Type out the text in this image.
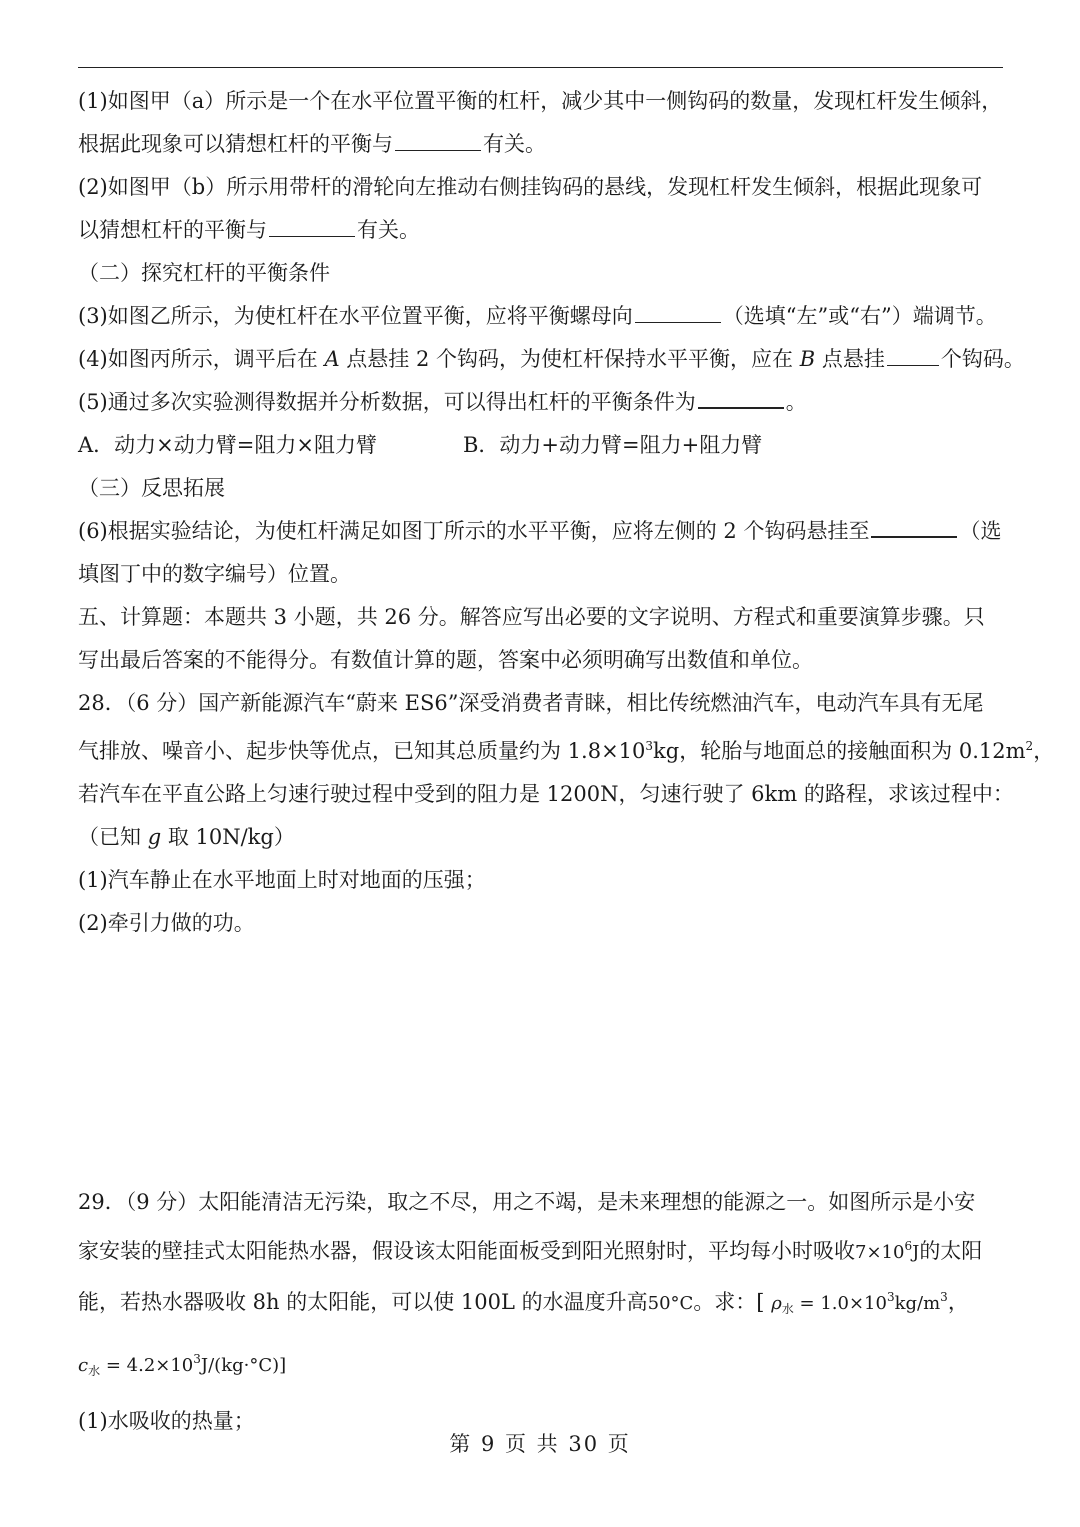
(1)如图甲（a）所示是一个在水平位置平衡的杠杆，减少其中一侧钩码的数量，发现杠杆发生倾斜，

根据此现象可以猜想杠杆的平衡与	有关。

(2)如图甲（b）所示用带杆的滑轮向左推动右侧挂钩码的悬线，发现杠杆发生倾斜，根据此现象可

以猜想杠杆的平衡与	有关。

（二）探究杠杆的平衡条件

(3)如图乙所示，为使杠杆在水平位置平衡，应将平衡螺母向	（选填“左”或“右”）端调节。

(4)如图丙所示，调平后在 A 点悬挂 2 个钩码，为使杠杆保持水平平衡，应在 B 点悬挂	个钩码。

(5)通过多次实验测得数据并分析数据，可以得出杠杆的平衡条件为	。

A．动力×动力臂=阻力×阻力臂	B．动力+动力臂=阻力+阻力臂

（三）反思拓展

(6)根据实验结论，为使杠杆满足如图丁所示的水平平衡，应将左侧的 2 个钩码悬挂至	（选

填图丁中的数字编号）位置。

五、计算题：本题共 3 小题，共 26 分。解答应写出必要的文字说明、方程式和重要演算步骤。只

写出最后答案的不能得分。有数值计算的题，答案中必须明确写出数值和单位。

28．（6 分）国产新能源汽车“蔚来 ES6”深受消费者青睐，相比传统燃油汽车，电动汽车具有无尾

气排放、噪音小、起步快等优点，已知其总质量约为 $1.8\times 10^3kg$，轮胎与地面总的接触面积为 $0.12m^2$，

若汽车在平直公路上匀速行驶过程中受到的阻力是 1200N，匀速行驶了 6km 的路程，求该过程中：

（已知 g 取 10N/kg）

(1)汽车静止在水平地面上时对地面的压强；

(2)牵引力做的功。

29．（9 分）太阳能清洁无污染，取之不尽，用之不竭，是未来理想的能源之一。如图所示是小安

家安装的壁挂式太阳能热水器，假设该太阳能面板受到阳光照射时，平均每小时吸收$7\times 10^6J$的太阳

能，若热水器吸收 8h 的太阳能，可以使 100L 的水温度升高50°C。求：[ $\rho_水 = 1.0\times 10^3kg/m^3$，

$c_水 = 4.2\times 10^3J/(kg\cdot^\circ C)$]

(1)水吸收的热量；

第 9 页 共 30 页
